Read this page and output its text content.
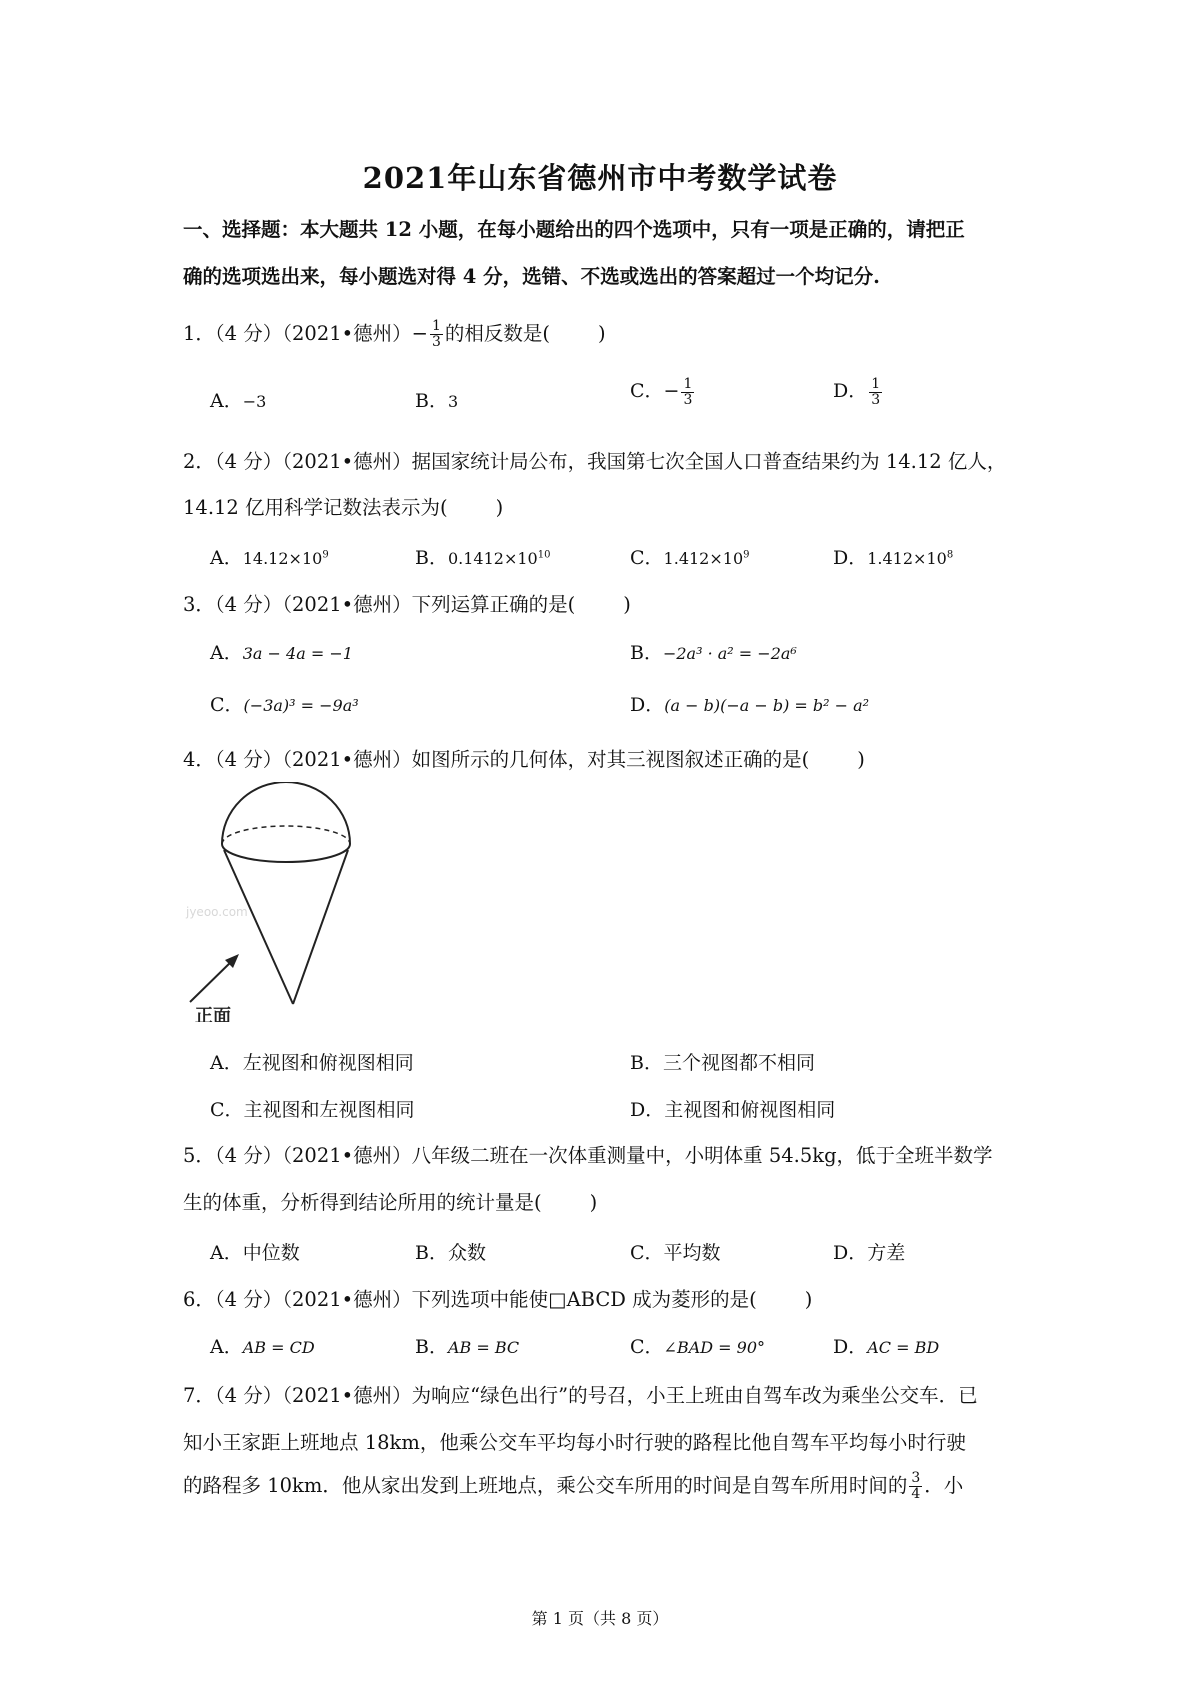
2021年山东省德州市中考数学试卷
一、选择题：本大题共 12 小题，在每小题给出的四个选项中，只有一项是正确的，请把正
确的选项选出来，每小题选对得 4 分，选错、不选或选出的答案超过一个均记分.
1．（4 分）（2021•德州）− $\frac{1}{3}$ 的相反数是( )
A．−3	B．3	C．− $\frac{1}{3}$	D． $\frac{1}{3}$
2．（4 分）（2021•德州）据国家统计局公布，我国第七次全国人口普查结果约为 14.12 亿人，
14.12 亿用科学记数法表示为( )
A．$14.12\times 10^9$	B．$0.1412\times 10^{10}$	C．$1.412\times 10^9$	D．$1.412\times 10^8$
3．（4 分）（2021•德州）下列运算正确的是( )
A．3a − 4a = −1	B．−2a³ · a² = −2a⁶
C．(−3a)³ = −9a³	D．(a − b)(−a − b) = b² − a²
4．（4 分）（2021•德州）如图所示的几何体，对其三视图叙述正确的是( )
jyeoo.com
正面
A．左视图和俯视图相同	B．三个视图都不相同
C．主视图和左视图相同	D．主视图和俯视图相同
5．（4 分）（2021•德州）八年级二班在一次体重测量中，小明体重 54.5kg，低于全班半数学
生的体重，分析得到结论所用的统计量是( )
A．中位数	B．众数	C．平均数	D．方差
6．（4 分）（2021•德州）下列选项中能使□ABCD 成为菱形的是( )
A．AB = CD	B．AB = BC	C．∠BAD = 90°	D．AC = BD
7．（4 分）（2021•德州）为响应“绿色出行”的号召，小王上班由自驾车改为乘坐公交车．已
知小王家距上班地点 18km，他乘公交车平均每小时行驶的路程比他自驾车平均每小时行驶
的路程多 10km．他从家出发到上班地点，乘公交车所用的时间是自驾车所用时间的 $\frac{3}{4}$ ．小
第 1 页（共 8 页）
